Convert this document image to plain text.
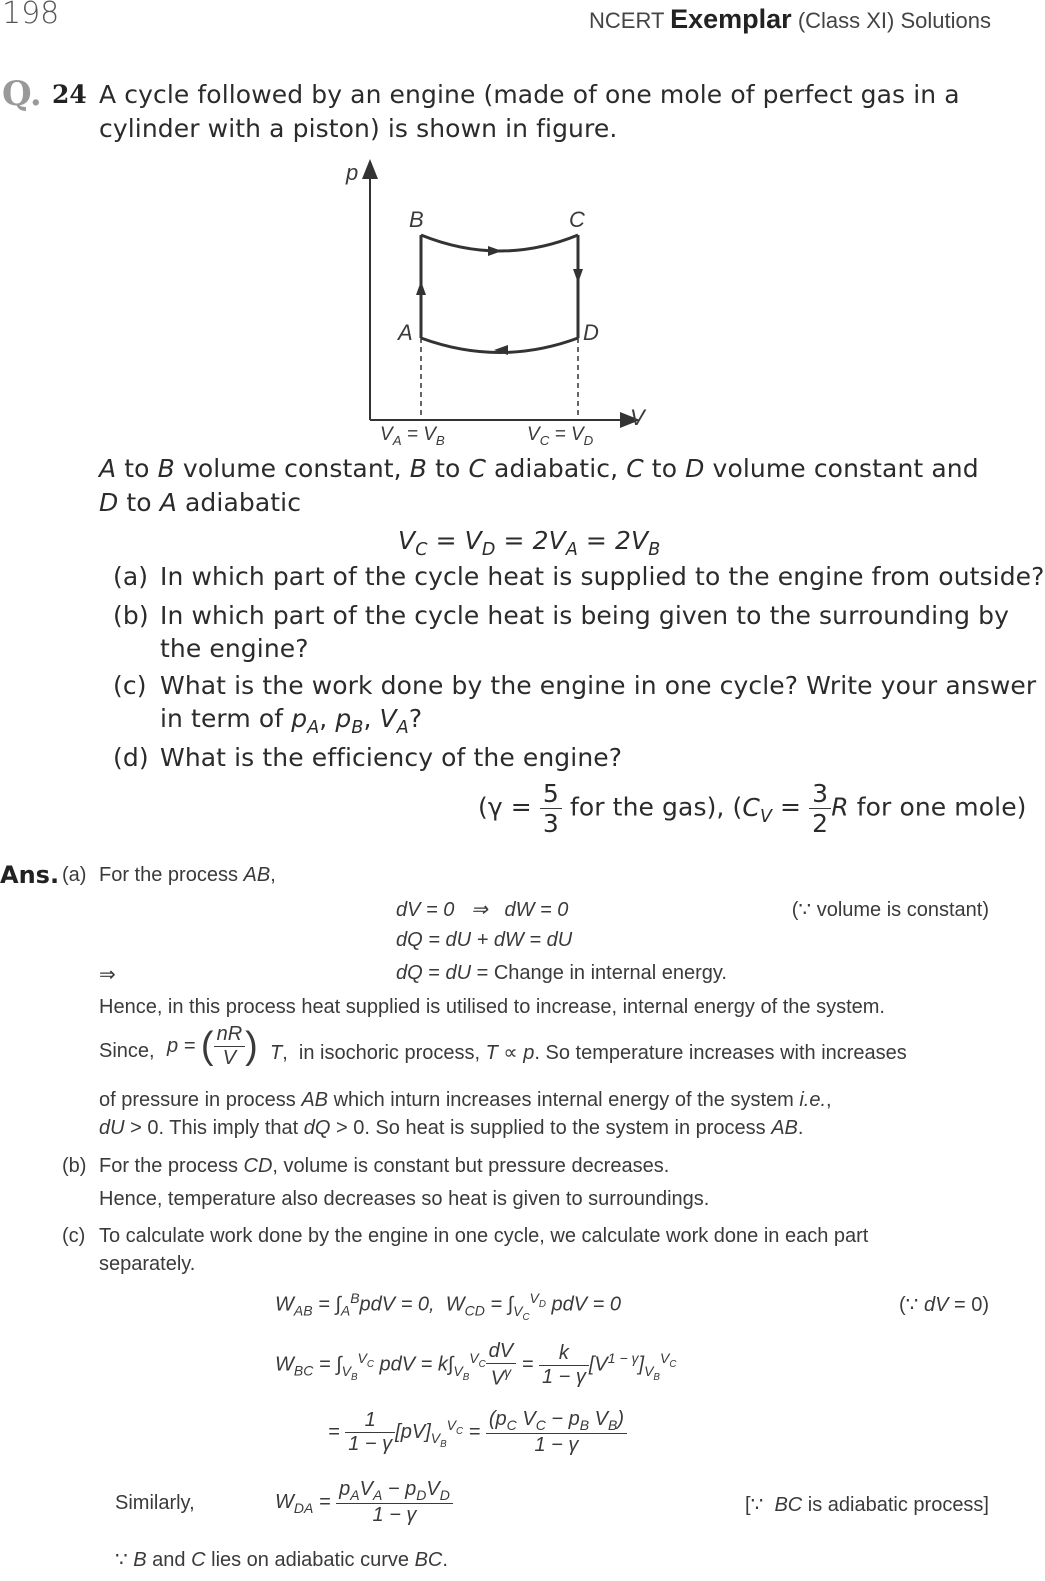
198	NCERT Exemplar (Class XI) Solutions
Q. 24 A cycle followed by an engine (made of one mole of perfect gas in a
cylinder with a piston) is shown in figure.
p
V
B	C
A	D
$V_A = V_B$	$V_C = V_D$
A to B volume constant, B to C adiabatic, C to D volume constant and
D to A adiabatic
$V_C = V_D = 2V_A = 2V_B$
(a) In which part of the cycle heat is supplied to the engine from outside?
(b) In which part of the cycle heat is being given to the surrounding by
the engine?
(c) What is the work done by the engine in one cycle? Write your answer
in term of $p_A$, $p_B$, $V_A$?
(d) What is the efficiency of the engine?
($\gamma = \frac{5}{3}$ for the gas), ($C_V = \frac{3}{2}$ R for one mole)
Ans. (a) For the process AB,
dV = 0   ⇒   dW = 0	(∵ volume is constant)
dQ = dU + dW = dU
⇒	dQ = dU = Change in internal energy.
Hence, in this process heat supplied is utilised to increase, internal energy of the system.
Since, p = ( $\frac{nR}{V}$ ) T,  in isochoric process, T ∝ p. So temperature increases with increases
of pressure in process AB which inturn increases internal energy of the system i.e.,
dU > 0. This imply that dQ > 0. So heat is supplied to the system in process AB.
(b) For the process CD, volume is constant but pressure decreases.
Hence, temperature also decreases so heat is given to surroundings.
(c) To calculate work done by the engine in one cycle, we calculate work done in each part
separately.
$W_{AB} = \int_A^BpdV = 0$,  $W_{CD} = \int_{V_C}^{V_D}$ pdV = 0	(∵ dV = 0)
$W_{BC} = \int_{V_B}^{V_C}$ pdV = $k\int_{V_B}^{V_C} \frac{dV}{V^\gamma} = \frac{k}{1 - \gamma} [V^{1 - \gamma}]_{V_B}^{V_C}$
= $\frac{1}{1 - \gamma} [pV]_{V_B}^{V_C} = \frac{(p_C V_C - p_B V_B)}{1 - \gamma}$
Similarly,	$W_{DA} = \frac{p_AV_A - p_DV_D}{1 - \gamma}$	[∵  BC is adiabatic process]
∵ B and C lies on adiabatic curve BC.
